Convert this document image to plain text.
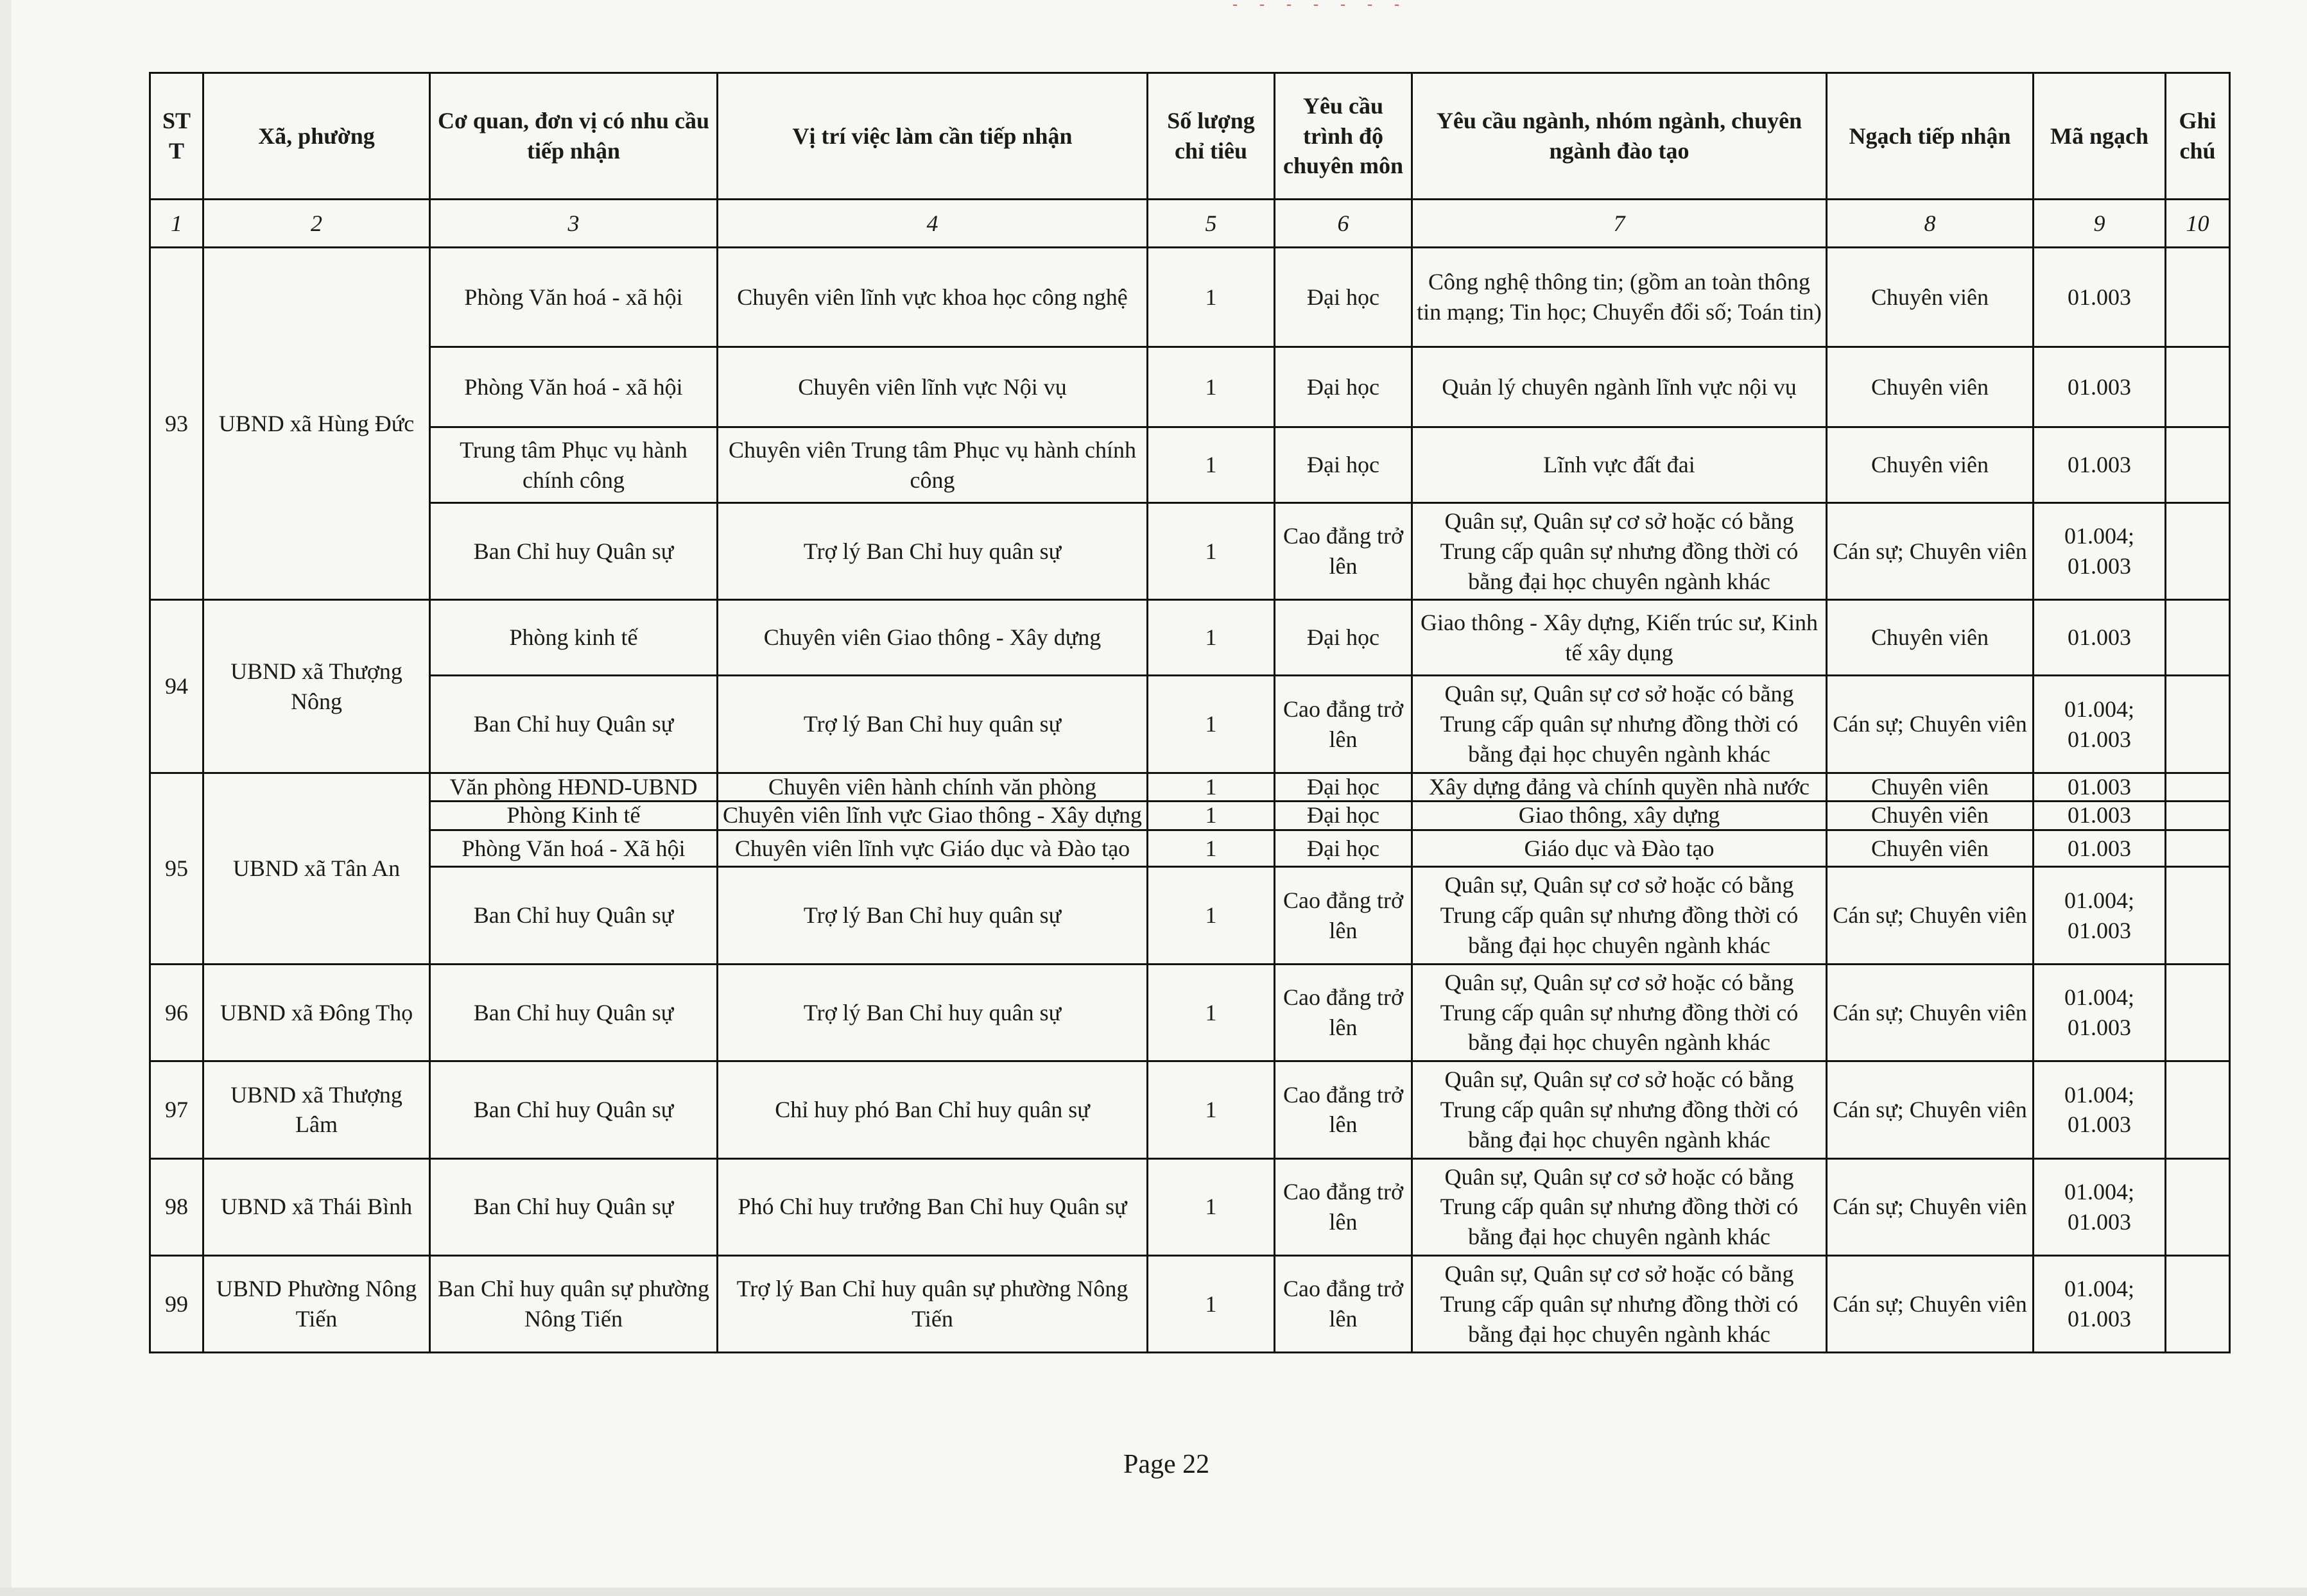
- - - - - - -
STT	Xã, phường	Cơ quan, đơn vị có nhu cầu tiếp nhận	Vị trí việc làm cần tiếp nhận	Số lượng chỉ tiêu	Yêu cầu trình độ chuyên môn	Yêu cầu ngành, nhóm ngành, chuyên ngành đào tạo	Ngạch tiếp nhận	Mã ngạch	Ghi chú
1	2	3	4	5	6	7	8	9	10
93	UBND xã Hùng Đức	Phòng Văn hoá - xã hội	Chuyên viên lĩnh vực khoa học công nghệ	1	Đại học	Công nghệ thông tin; (gồm an toàn thông tin mạng; Tin học; Chuyển đổi số; Toán tin)	Chuyên viên	01.003	
		Phòng Văn hoá - xã hội	Chuyên viên lĩnh vực Nội vụ	1	Đại học	Quản lý chuyên ngành lĩnh vực nội vụ	Chuyên viên	01.003	
		Trung tâm Phục vụ hành chính công	Chuyên viên Trung tâm Phục vụ hành chính công	1	Đại học	Lĩnh vực đất đai	Chuyên viên	01.003	
		Ban Chỉ huy Quân sự	Trợ lý Ban Chỉ huy quân sự	1	Cao đẳng trở lên	Quân sự, Quân sự cơ sở hoặc có bằng Trung cấp quân sự nhưng đồng thời có bằng đại học chuyên ngành khác	Cán sự; Chuyên viên	01.004; 01.003	
94	UBND xã Thượng Nông	Phòng kinh tế	Chuyên viên Giao thông - Xây dựng	1	Đại học	Giao thông - Xây dựng, Kiến trúc sư, Kinh tế xây dụng	Chuyên viên	01.003	
		Ban Chỉ huy Quân sự	Trợ lý Ban Chỉ huy quân sự	1	Cao đẳng trở lên	Quân sự, Quân sự cơ sở hoặc có bằng Trung cấp quân sự nhưng đồng thời có bằng đại học chuyên ngành khác	Cán sự; Chuyên viên	01.004; 01.003	
95	UBND xã Tân An	Văn phòng HĐND-UBND	Chuyên viên hành chính văn phòng	1	Đại học	Xây dựng đảng và chính quyền nhà nước	Chuyên viên	01.003	
		Phòng Kinh tế	Chuyên viên lĩnh vực Giao thông - Xây dựng	1	Đại học	Giao thông, xây dựng	Chuyên viên	01.003	
		Phòng Văn hoá - Xã hội	Chuyên viên lĩnh vực Giáo dục và Đào tạo	1	Đại học	Giáo dục và Đào tạo	Chuyên viên	01.003	
		Ban Chỉ huy Quân sự	Trợ lý Ban Chỉ huy quân sự	1	Cao đẳng trở lên	Quân sự, Quân sự cơ sở hoặc có bằng Trung cấp quân sự nhưng đồng thời có bằng đại học chuyên ngành khác	Cán sự; Chuyên viên	01.004; 01.003	
96	UBND xã Đông Thọ	Ban Chỉ huy Quân sự	Trợ lý Ban Chỉ huy quân sự	1	Cao đẳng trở lên	Quân sự, Quân sự cơ sở hoặc có bằng Trung cấp quân sự nhưng đồng thời có bằng đại học chuyên ngành khác	Cán sự; Chuyên viên	01.004; 01.003	
97	UBND xã Thượng Lâm	Ban Chỉ huy Quân sự	Chỉ huy phó Ban Chỉ huy quân sự	1	Cao đẳng trở lên	Quân sự, Quân sự cơ sở hoặc có bằng Trung cấp quân sự nhưng đồng thời có bằng đại học chuyên ngành khác	Cán sự; Chuyên viên	01.004; 01.003	
98	UBND xã Thái Bình	Ban Chỉ huy Quân sự	Phó Chỉ huy trưởng Ban Chỉ huy Quân sự	1	Cao đẳng trở lên	Quân sự, Quân sự cơ sở hoặc có bằng Trung cấp quân sự nhưng đồng thời có bằng đại học chuyên ngành khác	Cán sự; Chuyên viên	01.004; 01.003	
99	UBND Phường Nông Tiến	Ban Chỉ huy quân sự phường Nông Tiến	Trợ lý Ban Chỉ huy quân sự phường Nông Tiến	1	Cao đẳng trở lên	Quân sự, Quân sự cơ sở hoặc có bằng Trung cấp quân sự nhưng đồng thời có bằng đại học chuyên ngành khác	Cán sự; Chuyên viên	01.004; 01.003	
Page 22
